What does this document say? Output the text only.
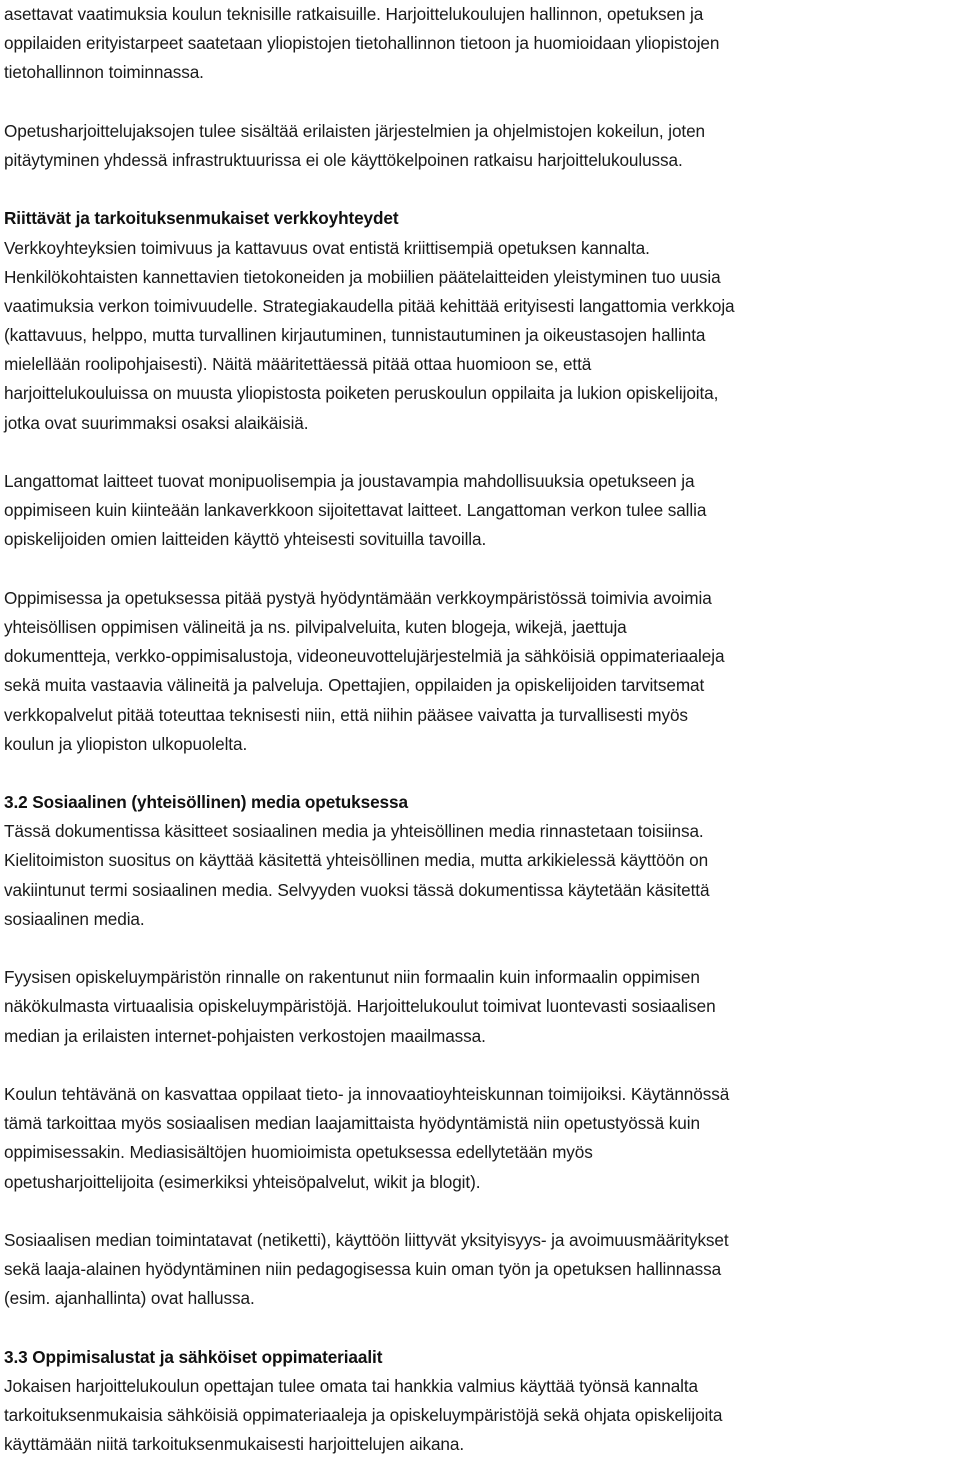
asettavat vaatimuksia koulun teknisille ratkaisuille. Harjoittelukoulujen hallinnon, opetuksen ja
oppilaiden erityistarpeet saatetaan yliopistojen tietohallinnon tietoon ja huomioidaan yliopistojen
tietohallinnon toiminnassa.
Opetusharjoittelujaksojen tulee sisältää erilaisten järjestelmien ja ohjelmistojen kokeilun, joten
pitäytyminen yhdessä infrastruktuurissa ei ole käyttökelpoinen ratkaisu harjoittelukoulussa.
Riittävät ja tarkoituksenmukaiset verkkoyhteydet
Verkkoyhteyksien toimivuus ja kattavuus ovat entistä kriittisempiä opetuksen kannalta.
Henkilökohtaisten kannettavien tietokoneiden ja mobiilien päätelaitteiden yleistyminen tuo uusia
vaatimuksia verkon toimivuudelle. Strategiakaudella pitää kehittää erityisesti langattomia verkkoja
(kattavuus, helppo, mutta turvallinen kirjautuminen, tunnistautuminen ja oikeustasojen hallinta
mielellään roolipohjaisesti). Näitä määritettäessä pitää ottaa huomioon se, että
harjoittelukouluissa on muusta yliopistosta poiketen peruskoulun oppilaita ja lukion opiskelijoita,
jotka ovat suurimmaksi osaksi alaikäisiä.
Langattomat laitteet tuovat monipuolisempia ja joustavampia mahdollisuuksia opetukseen ja
oppimiseen kuin kiinteään lankaverkkoon sijoitettavat laitteet. Langattoman verkon tulee sallia
opiskelijoiden omien laitteiden käyttö yhteisesti sovituilla tavoilla.
Oppimisessa ja opetuksessa pitää pystyä hyödyntämään verkkoympäristössä toimivia avoimia
yhteisöllisen oppimisen välineitä ja ns. pilvipalveluita, kuten blogeja, wikejä, jaettuja
dokumentteja, verkko-oppimisalustoja, videoneuvottelujärjestelmiä ja sähköisiä oppimateriaaleja
sekä muita vastaavia välineitä ja palveluja. Opettajien, oppilaiden ja opiskelijoiden tarvitsemat
verkkopalvelut pitää toteuttaa teknisesti niin, että niihin pääsee vaivatta ja turvallisesti myös
koulun ja yliopiston ulkopuolelta.
3.2 Sosiaalinen (yhteisöllinen) media opetuksessa
Tässä dokumentissa käsitteet sosiaalinen media ja yhteisöllinen media rinnastetaan toisiinsa.
Kielitoimiston suositus on käyttää käsitettä yhteisöllinen media, mutta arkikielessä käyttöön on
vakiintunut termi sosiaalinen media. Selvyyden vuoksi tässä dokumentissa käytetään käsitettä
sosiaalinen media.
Fyysisen opiskeluympäristön rinnalle on rakentunut niin formaalin kuin informaalin oppimisen
näkökulmasta virtuaalisia opiskeluympäristöjä. Harjoittelukoulut toimivat luontevasti sosiaalisen
median ja erilaisten internet-pohjaisten verkostojen maailmassa.
Koulun tehtävänä on kasvattaa oppilaat tieto- ja innovaatioyhteiskunnan toimijoiksi. Käytännössä
tämä tarkoittaa myös sosiaalisen median laajamittaista hyödyntämistä niin opetustyössä kuin
oppimisessakin. Mediasisältöjen huomioimista opetuksessa edellytetään myös
opetusharjoittelijoita (esimerkiksi yhteisöpalvelut, wikit ja blogit).
Sosiaalisen median toimintatavat (netiketti), käyttöön liittyvät yksityisyys- ja avoimuusmääritykset
sekä laaja-alainen hyödyntäminen niin pedagogisessa kuin oman työn ja opetuksen hallinnassa
(esim. ajanhallinta) ovat hallussa.
3.3 Oppimisalustat ja sähköiset oppimateriaalit
Jokaisen harjoittelukoulun opettajan tulee omata tai hankkia valmius käyttää työnsä kannalta
tarkoituksenmukaisia sähköisiä oppimateriaaleja ja opiskeluympäristöjä sekä ohjata opiskelijoita
käyttämään niitä tarkoituksenmukaisesti harjoittelujen aikana.
